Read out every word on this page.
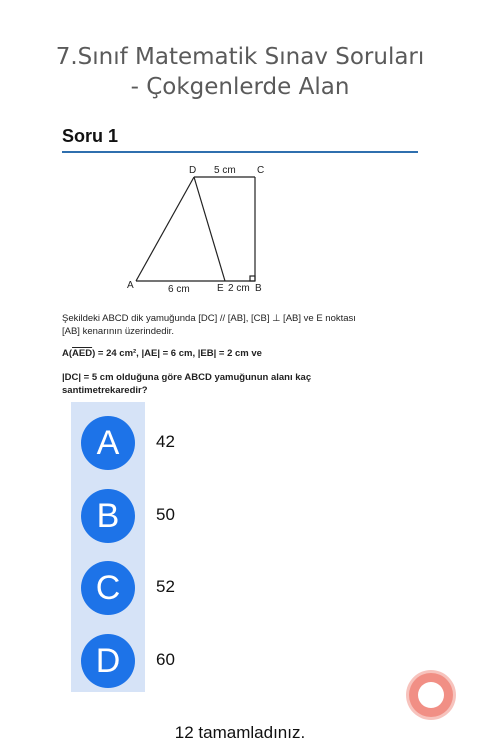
7.Sınıf Matematik Sınav Soruları
- Çokgenlerde Alan
Soru 1
D	C
A	E	B
5 cm
6 cm	2 cm
Şekildeki ABCD dik yamuğunda [DC] // [AB], [CB] ⊥ [AB] ve E noktası [AB] kenarının üzerindedir.
$A(\overline{AED}) = 24$ cm², |AE| = 6 cm, |EB| = 2 cm ve
|DC| = 5 cm olduğuna göre ABCD yamuğunun alanı kaç santimetrekaredir?
A	42
B	50
C	52
D	60
12 tamamladınız.
